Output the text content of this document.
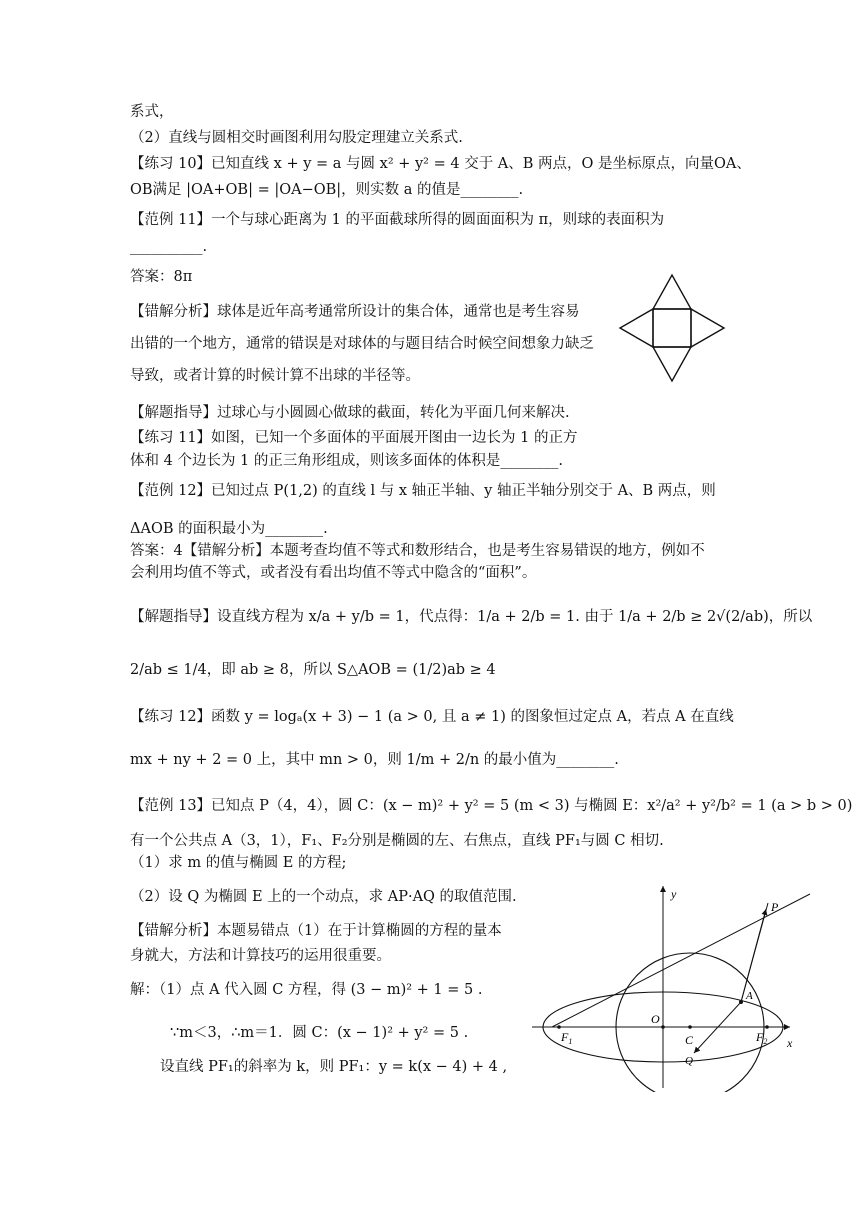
系式，
（2）直线与圆相交时画图利用勾股定理建立关系式.
【练习 10】已知直线 x + y = a 与圆 x² + y² = 4 交于 A、B 两点，O 是坐标原点，向量OA、
OB满足 |OA+OB| = |OA−OB|，则实数 a 的值是________.
【范例 11】一个与球心距离为 1 的平面截球所得的圆面面积为 π，则球的表面积为
__________.
答案：8π
【错解分析】球体是近年高考通常所设计的集合体，通常也是考生容易
出错的一个地方，通常的错误是对球体的与题目结合时候空间想象力缺乏
导致，或者计算的时候计算不出球的半径等。
【解题指导】过球心与小圆圆心做球的截面，转化为平面几何来解决.
【练习 11】如图，已知一个多面体的平面展开图由一边长为 1 的正方
体和 4 个边长为 1 的正三角形组成，则该多面体的体积是________.
【范例 12】已知过点 P(1,2) 的直线 l 与 x 轴正半轴、y 轴正半轴分别交于 A、B 两点，则
ΔAOB 的面积最小为________.
答案：4【错解分析】本题考查均值不等式和数形结合，也是考生容易错误的地方，例如不
会利用均值不等式，或者没有看出均值不等式中隐含的“面积”。
【解题指导】设直线方程为 x/a + y/b = 1，代点得：1/a + 2/b = 1. 由于 1/a + 2/b ≥ 2√(2/ab)，所以
2/ab ≤ 1/4，即 ab ≥ 8，所以 S△AOB = (1/2)ab ≥ 4
【练习 12】函数 y = logₐ(x + 3) − 1 (a > 0, 且 a ≠ 1) 的图象恒过定点 A，若点 A 在直线
mx + ny + 2 = 0 上，其中 mn > 0，则 1/m + 2/n 的最小值为________.
【范例 13】已知点 P（4，4），圆 C：(x − m)² + y² = 5 (m < 3) 与椭圆 E：x²/a² + y²/b² = 1 (a > b > 0)
有一个公共点 A（3，1），F₁、F₂分别是椭圆的左、右焦点，直线 PF₁与圆 C 相切.
（1）求 m 的值与椭圆 E 的方程;
（2）设 Q 为椭圆 E 上的一个动点，求 AP·AQ 的取值范围.
【错解分析】本题易错点（1）在于计算椭圆的方程的量本
身就大，方法和计算技巧的运用很重要。
解：（1）点 A 代入圆 C 方程，得 (3 − m)² + 1 = 5 .
∵m＜3，∴m＝1．圆 C：(x − 1)² + y² = 5 .
设直线 PF₁的斜率为 k，则 PF₁：y = k(x − 4) + 4 ,
y
x
P
A
O
C
$F_1$	$F_2$
Q
